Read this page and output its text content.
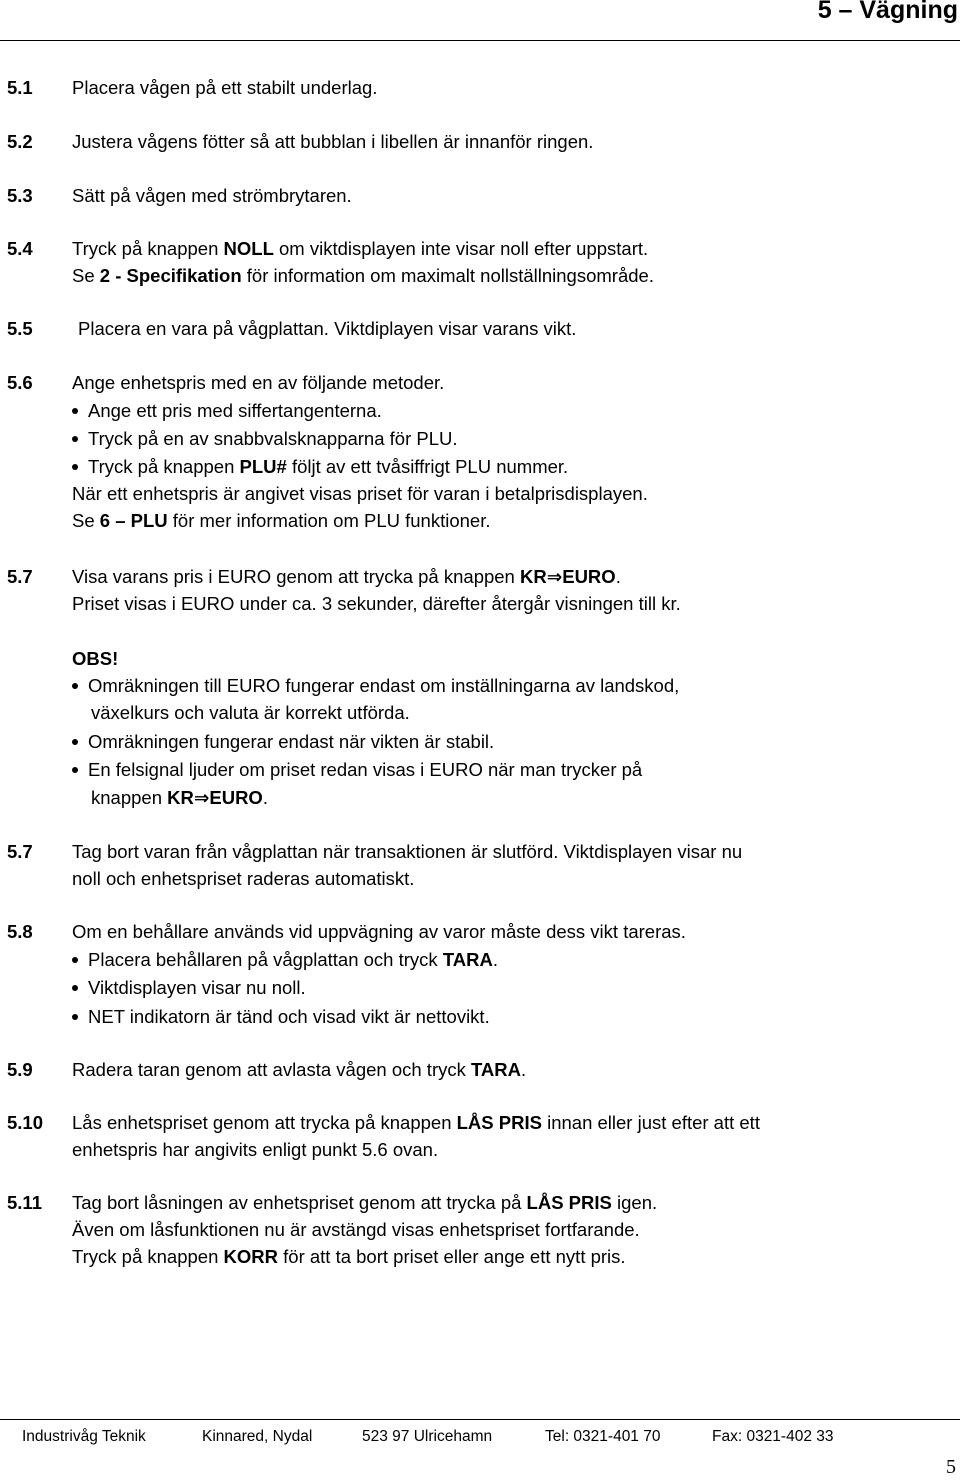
5 – Vägning
5.1 Placera vågen på ett stabilt underlag.
5.2 Justera vågens fötter så att bubblan i libellen är innanför ringen.
5.3 Sätt på vågen med strömbrytaren.
5.4 Tryck på knappen NOLL om viktdisplayen inte visar noll efter uppstart.
Se 2 - Specifikation för information om maximalt nollställningsområde.
5.5 Placera en vara på vågplattan. Viktdiplayen visar varans vikt.
5.6 Ange enhetspris med en av följande metoder.
Ange ett pris med siffertangenterna.
Tryck på en av snabbvalsknapparna för PLU.
Tryck på knappen PLU# följt av ett tvåsiffrigt PLU nummer.
När ett enhetspris är angivet visas priset för varan i betalprisdisplayen.
Se 6 – PLU för mer information om PLU funktioner.
5.7 Visa varans pris i EURO genom att trycka på knappen KR⇒EURO.
Priset visas i EURO under ca. 3 sekunder, därefter återgår visningen till kr.
OBS!
Omräkningen till EURO fungerar endast om inställningarna av landskod,
växelkurs och valuta är korrekt utförda.
Omräkningen fungerar endast när vikten är stabil.
En felsignal ljuder om priset redan visas i EURO när man trycker på
knappen KR⇒EURO.
5.7 Tag bort varan från vågplattan när transaktionen är slutförd. Viktdisplayen visar nu
noll och enhetspriset raderas automatiskt.
5.8 Om en behållare används vid uppvägning av varor måste dess vikt tareras.
Placera behållaren på vågplattan och tryck TARA.
Viktdisplayen visar nu noll.
NET indikatorn är tänd och visad vikt är nettovikt.
5.9 Radera taran genom att avlasta vågen och tryck TARA.
5.10 Lås enhetspriset genom att trycka på knappen LÅS PRIS innan eller just efter att ett
enhetspris har angivits enligt punkt 5.6 ovan.
5.11 Tag bort låsningen av enhetspriset genom att trycka på LÅS PRIS igen.
Även om låsfunktionen nu är avstängd visas enhetspriset fortfarande.
Tryck på knappen KORR för att ta bort priset eller ange ett nytt pris.
Industrivåg Teknik	Kinnared, Nydal	523 97 Ulricehamn	Tel: 0321-401 70	Fax: 0321-402 33
5
